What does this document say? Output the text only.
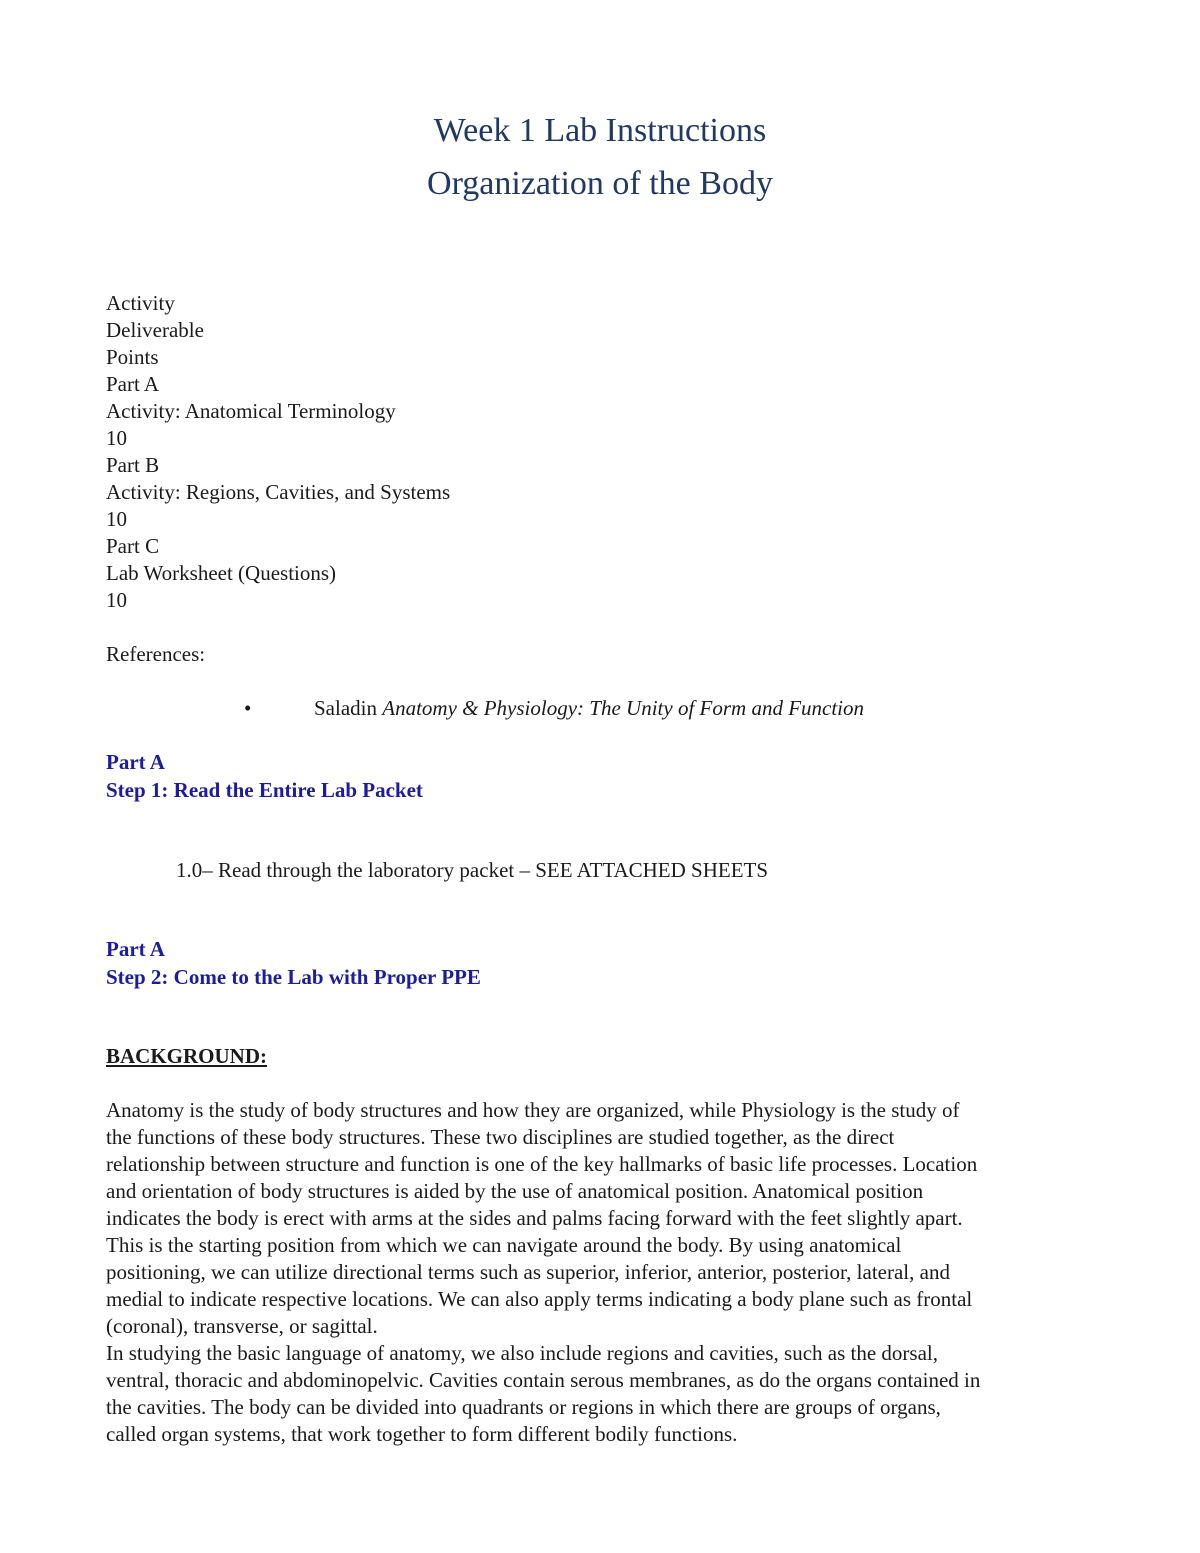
Week 1 Lab Instructions
Organization of the Body
Activity
Deliverable
Points
Part A
Activity: Anatomical Terminology
10
Part B
Activity: Regions, Cavities, and Systems
10
Part C
Lab Worksheet (Questions)
10
References:
•	Saladin Anatomy & Physiology: The Unity of Form and Function
Part A
Step 1: Read the Entire Lab Packet
1.0– Read through the laboratory packet – SEE ATTACHED SHEETS
Part A
Step 2: Come to the Lab with Proper PPE
BACKGROUND:
Anatomy is the study of body structures and how they are organized, while Physiology is the study of
the functions of these body structures. These two disciplines are studied together, as the direct
relationship between structure and function is one of the key hallmarks of basic life processes. Location
and orientation of body structures is aided by the use of anatomical position. Anatomical position
indicates the body is erect with arms at the sides and palms facing forward with the feet slightly apart.
This is the starting position from which we can navigate around the body. By using anatomical
positioning, we can utilize directional terms such as superior, inferior, anterior, posterior, lateral, and
medial to indicate respective locations. We can also apply terms indicating a body plane such as frontal
(coronal), transverse, or sagittal.
In studying the basic language of anatomy, we also include regions and cavities, such as the dorsal,
ventral, thoracic and abdominopelvic. Cavities contain serous membranes, as do the organs contained in
the cavities. The body can be divided into quadrants or regions in which there are groups of organs,
called organ systems, that work together to form different bodily functions.
